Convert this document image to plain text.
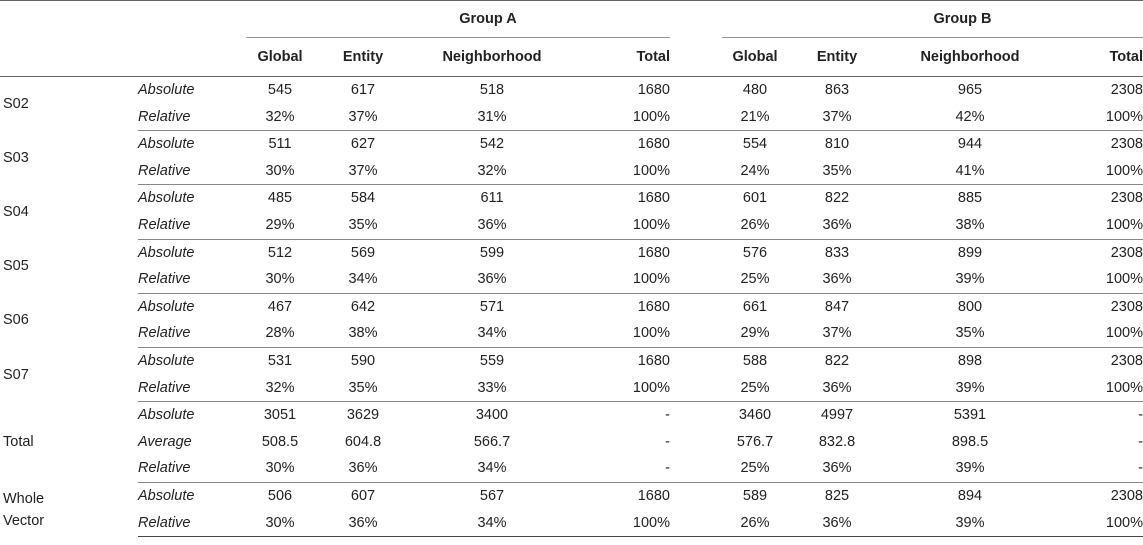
		Group A					Group B			
		Global	Entity	Neighborhood	Total		Global	Entity	Neighborhood	Total
S02	Absolute	545	617	518	1680		480	863	965	2308
	Relative	32%	37%	31%	100%		21%	37%	42%	100%
S03	Absolute	511	627	542	1680		554	810	944	2308
	Relative	30%	37%	32%	100%		24%	35%	41%	100%
S04	Absolute	485	584	611	1680		601	822	885	2308
	Relative	29%	35%	36%	100%		26%	36%	38%	100%
S05	Absolute	512	569	599	1680		576	833	899	2308
	Relative	30%	34%	36%	100%		25%	36%	39%	100%
S06	Absolute	467	642	571	1680		661	847	800	2308
	Relative	28%	38%	34%	100%		29%	37%	35%	100%
S07	Absolute	531	590	559	1680		588	822	898	2308
	Relative	32%	35%	33%	100%		25%	36%	39%	100%
Total	Absolute	3051	3629	3400	-		3460	4997	5391	-
	Average	508.5	604.8	566.7	-		576.7	832.8	898.5	-
	Relative	30%	36%	34%	-		25%	36%	39%	-
Whole
Vector	Absolute	506	607	567	1680		589	825	894	2308
	Relative	30%	36%	34%	100%		26%	36%	39%	100%
